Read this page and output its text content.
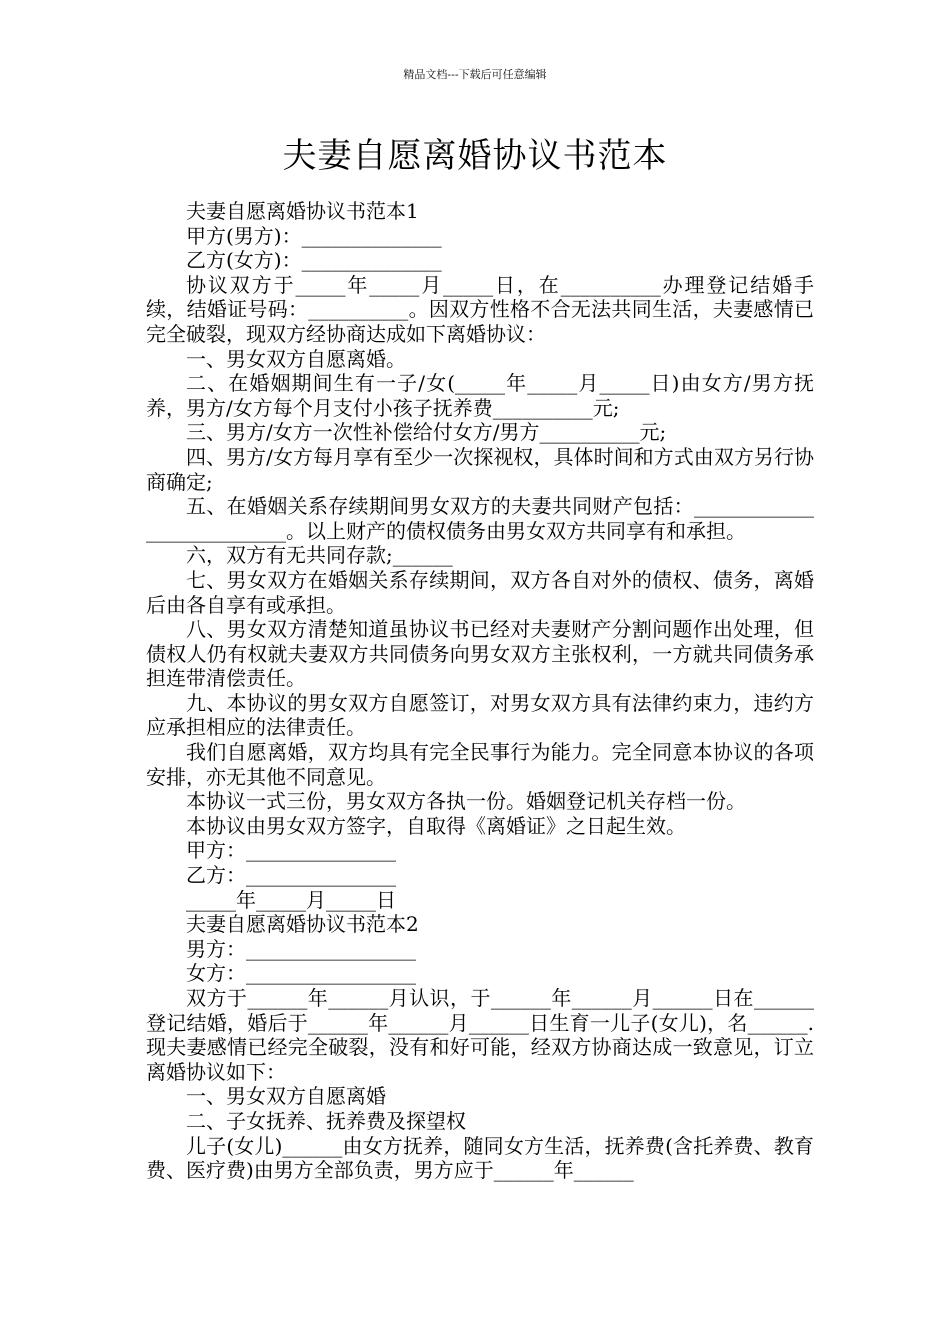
精品文档---下载后可任意编辑
夫妻自愿离婚协议书范本

夫妻自愿离婚协议书范本1

甲方(男方)：______________

乙方(女方)：______________

协议双方于_____年_____月_____日，在__________办理登记结婚手续，结婚证号码：__________。因双方性格不合无法共同生活，夫妻感情已完全破裂，现双方经协商达成如下离婚协议：

一、男女双方自愿离婚。

二、在婚姻期间生有一子/女(_____年_____月_____日)由女方/男方抚养，男方/女方每个月支付小孩子抚养费__________元;

三、男方/女方一次性补偿给付女方/男方__________元;

四、男方/女方每月享有至少一次探视权，具体时间和方式由双方另行协商确定;

五、在婚姻关系存续期间男女双方的夫妻共同财产包括：__________________________。以上财产的债权债务由男女双方共同享有和承担。

六，双方有无共同存款;______

七、男女双方在婚姻关系存续期间，双方各自对外的债权、债务，离婚后由各自享有或承担。

八、男女双方清楚知道虽协议书已经对夫妻财产分割问题作出处理，但债权人仍有权就夫妻双方共同债务向男女双方主张权利，一方就共同债务承担连带清偿责任。

九、本协议的男女双方自愿签订，对男女双方具有法律约束力，违约方应承担相应的法律责任。

我们自愿离婚，双方均具有完全民事行为能力。完全同意本协议的各项安排，亦无其他不同意见。

本协议一式三份，男女双方各执一份。婚姻登记机关存档一份。

本协议由男女双方签字，自取得《离婚证》之日起生效。

甲方：_______________

乙方：_______________

_____年_____月_____日

夫妻自愿离婚协议书范本2

男方：_________________

女方：_________________

双方于______年______月认识，于______年______月______日在______登记结婚，婚后于______年______月______日生育一儿子(女儿)，名______.现夫妻感情已经完全破裂，没有和好可能，经双方协商达成一致意见，订立离婚协议如下：

一、男女双方自愿离婚

二、子女抚养、抚养费及探望权

儿子(女儿)______由女方抚养，随同女方生活，抚养费(含托养费、教育费、医疗费)由男方全部负责，男方应于______年______
